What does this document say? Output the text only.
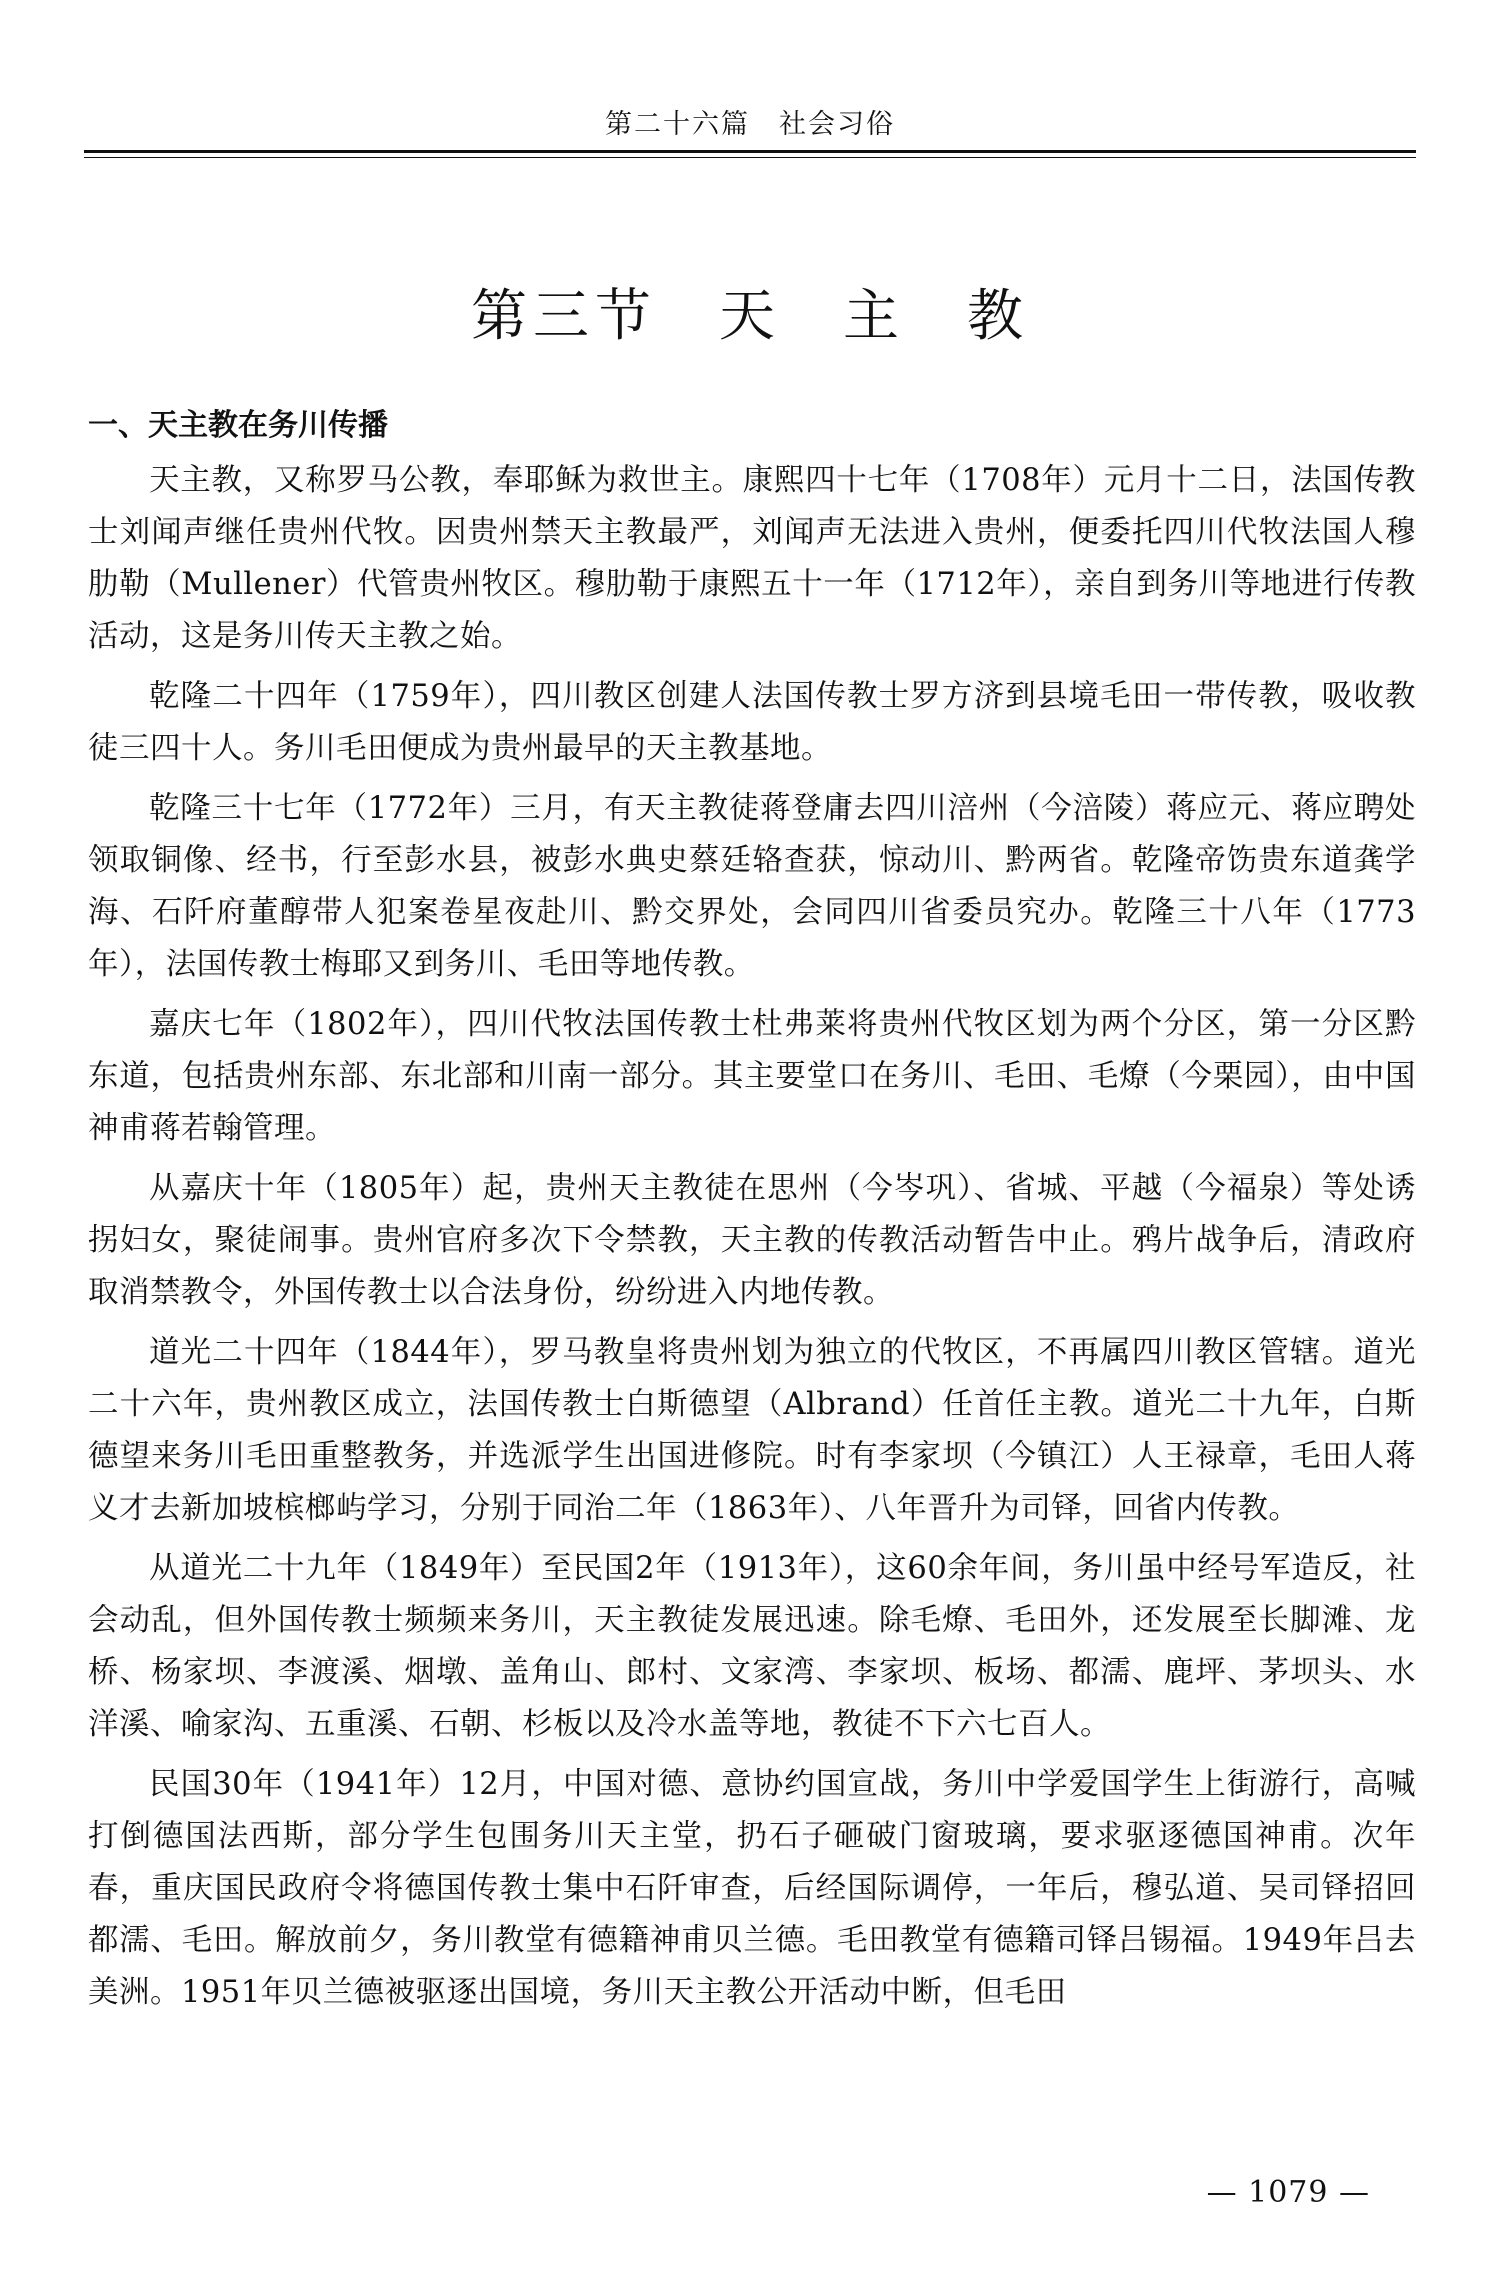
第二十六篇　社会习俗
第三节　天　主　教
一、天主教在务川传播

天主教，又称罗马公教，奉耶稣为救世主。康熙四十七年（1708年）元月十二日，法国传教士刘闻声继任贵州代牧。因贵州禁天主教最严，刘闻声无法进入贵州，便委托四川代牧法国人穆肋勒（Mullener）代管贵州牧区。穆肋勒于康熙五十一年（1712年），亲自到务川等地进行传教活动，这是务川传天主教之始。

乾隆二十四年（1759年），四川教区创建人法国传教士罗方济到县境毛田一带传教，吸收教徒三四十人。务川毛田便成为贵州最早的天主教基地。

乾隆三十七年（1772年）三月，有天主教徒蒋登庸去四川涪州（今涪陵）蒋应元、蒋应聘处领取铜像、经书，行至彭水县，被彭水典史蔡廷辂查获，惊动川、黔两省。乾隆帝饬贵东道龚学海、石阡府董醇带人犯案卷星夜赴川、黔交界处，会同四川省委员究办。乾隆三十八年（1773年），法国传教士梅耶又到务川、毛田等地传教。

嘉庆七年（1802年），四川代牧法国传教士杜弗莱将贵州代牧区划为两个分区，第一分区黔东道，包括贵州东部、东北部和川南一部分。其主要堂口在务川、毛田、毛燎（今栗园），由中国神甫蒋若翰管理。

从嘉庆十年（1805年）起，贵州天主教徒在思州（今岑巩）、省城、平越（今福泉）等处诱拐妇女，聚徒闹事。贵州官府多次下令禁教，天主教的传教活动暂告中止。鸦片战争后，清政府取消禁教令，外国传教士以合法身份，纷纷进入内地传教。

道光二十四年（1844年），罗马教皇将贵州划为独立的代牧区，不再属四川教区管辖。道光二十六年，贵州教区成立，法国传教士白斯德望（Albrand）任首任主教。道光二十九年，白斯德望来务川毛田重整教务，并选派学生出国进修院。时有李家坝（今镇江）人王禄章，毛田人蒋义才去新加坡槟榔屿学习，分别于同治二年（1863年）、八年晋升为司铎，回省内传教。

从道光二十九年（1849年）至民国2年（1913年），这60余年间，务川虽中经号军造反，社会动乱，但外国传教士频频来务川，天主教徒发展迅速。除毛燎、毛田外，还发展至长脚滩、龙桥、杨家坝、李渡溪、烟墩、盖角山、郎村、文家湾、李家坝、板场、都濡、鹿坪、茅坝头、水洋溪、喻家沟、五重溪、石朝、杉板以及冷水盖等地，教徒不下六七百人。

民国30年（1941年）12月，中国对德、意协约国宣战，务川中学爱国学生上街游行，高喊打倒德国法西斯，部分学生包围务川天主堂，扔石子砸破门窗玻璃，要求驱逐德国神甫。次年春，重庆国民政府令将德国传教士集中石阡审查，后经国际调停，一年后，穆弘道、吴司铎招回都濡、毛田。解放前夕，务川教堂有德籍神甫贝兰德。毛田教堂有德籍司铎吕锡福。1949年吕去美洲。1951年贝兰德被驱逐出国境，务川天主教公开活动中断，但毛田

— 1079 —
